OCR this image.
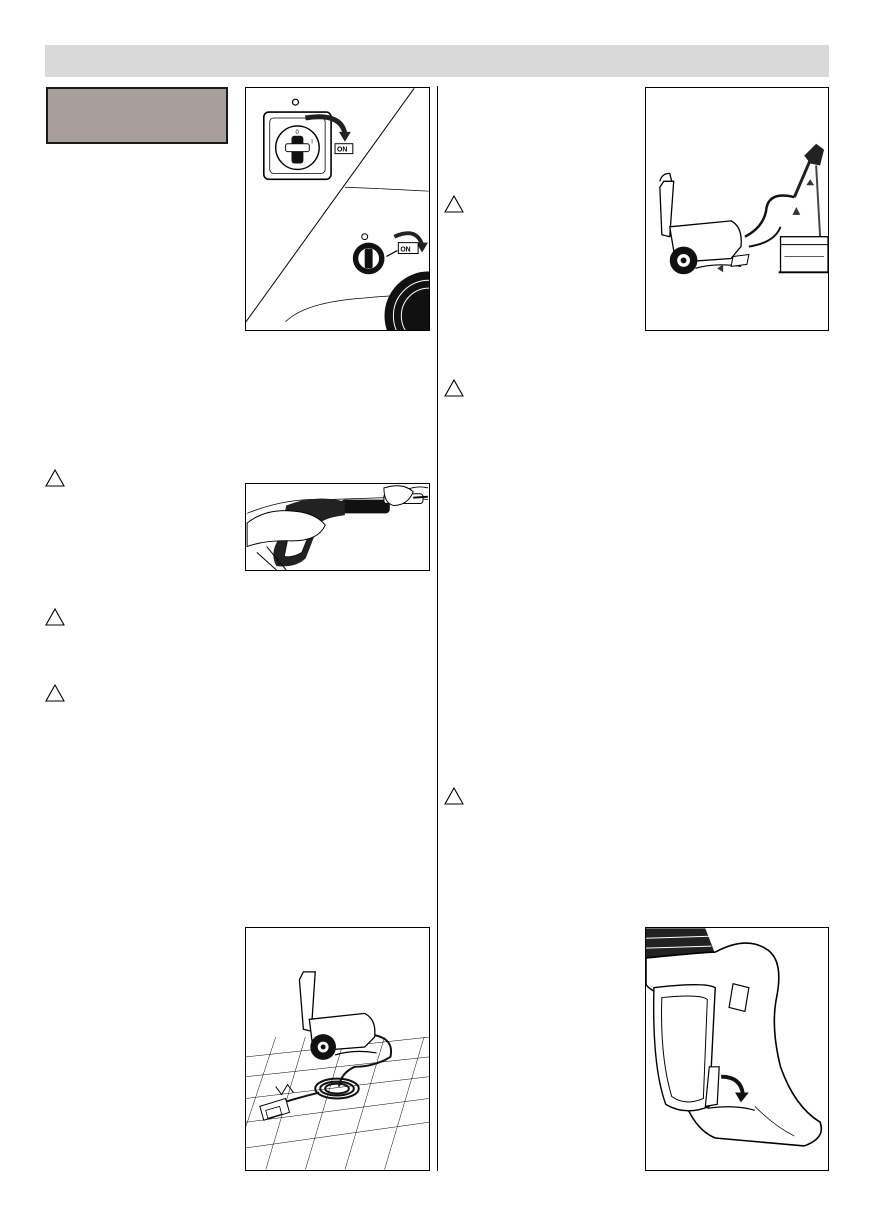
0
I
ON
ON
